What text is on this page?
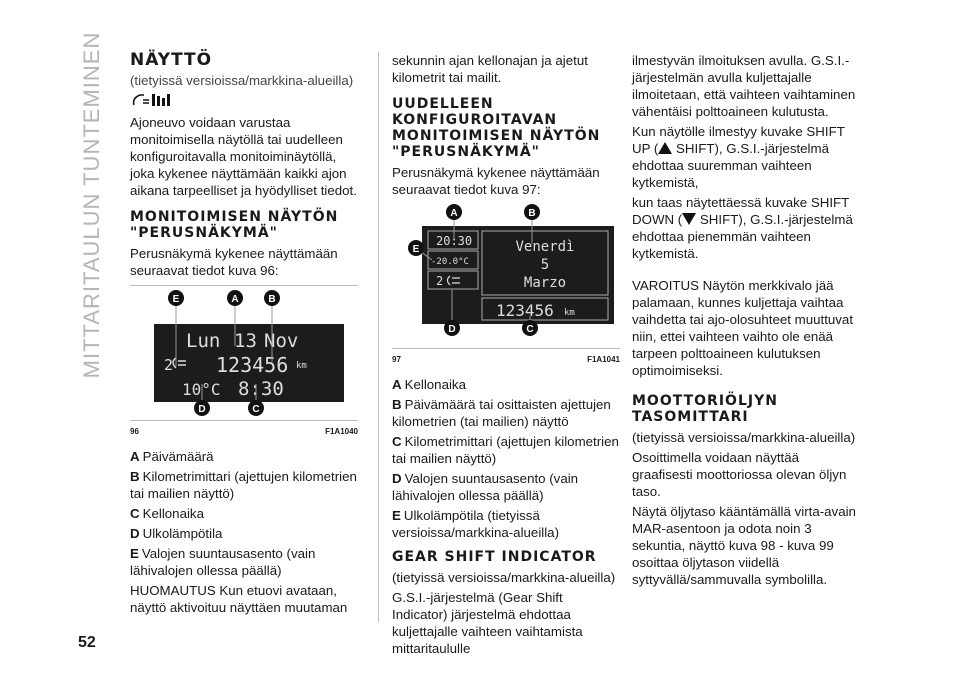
MITTARITAULUN TUNTEMINEN
52
NÄYTTÖ

(tietyissä versioissa/markkina-alueilla)

Ajoneuvo voidaan varustaa monitoimisella näytöllä tai uudelleen konfiguroitavalla monitoiminäytöllä, joka kykenee näyttämään kaikki ajon aikana tarpeelliset ja hyödylliset tiedot.

MONITOIMISEN NÄYTÖN "PERUSNÄKYMÄ"

Perusnäkymä kykenee näyttämään seuraavat tiedot kuva 96:

Lun 13 Nov
2 123456 km
10°C 8:30
E	A	B
D	C
96	F1A1040
A Päivämäärä
B Kilometrimittari (ajettujen kilometrien tai mailien näyttö)
C Kellonaika
D Ulkolämpötila
E Valojen suuntausasento (vain lähivalojen ollessa päällä)

HUOMAUTUS Kun etuovi avataan, näyttö aktivoituu näyttäen muutaman

sekunnin ajan kellonajan ja ajetut kilometrit tai mailit.

UUDELLEEN KONFIGUROITAVAN MONITOIMISEN NÄYTÖN "PERUSNÄKYMÄ"

Perusnäkymä kykenee näyttämään seuraavat tiedot kuva 97:

20:30
-20.0°C
2
Venerdì
5
Marzo
123456 km
A	B
E
D	C
97	F1A1041
A Kellonaika
B Päivämäärä tai osittaisten ajettujen kilometrien (tai mailien) näyttö
C Kilometrimittari (ajettujen kilometrien tai mailien näyttö)
D Valojen suuntausasento (vain lähivalojen ollessa päällä)
E Ulkolämpötila (tietyissä versioissa/markkina-alueilla)
GEAR SHIFT INDICATOR

(tietyissä versioissa/markkina-alueilla)

G.S.I.-järjestelmä (Gear Shift Indicator) järjestelmä ehdottaa kuljettajalle vaihteen vaihtamista mittaritaululle

ilmestyvän ilmoituksen avulla. G.S.I.-järjestelmän avulla kuljettajalle ilmoitetaan, että vaihteen vaihtaminen vähentäisi polttoaineen kulutusta.

Kun näytölle ilmestyy kuvake SHIFT UP ( SHIFT), G.S.I.-järjestelmä ehdottaa suuremman vaihteen kytkemistä,

kun taas näytettäessä kuvake SHIFT DOWN ( SHIFT), G.S.I.-järjestelmä ehdottaa pienemmän vaihteen kytkemistä.

VAROITUS Näytön merkkivalo jää palamaan, kunnes kuljettaja vaihtaa vaihdetta tai ajo-olosuhteet muuttuvat niin, ettei vaihteen vaihto ole enää tarpeen polttoaineen kulutuksen optimoimiseksi.

MOOTTORIÖLJYN TASOMITTARI

(tietyissä versioissa/markkina-alueilla)

Osoittimella voidaan näyttää graafisesti moottoriossa olevan öljyn taso.

Näytä öljytaso kääntämällä virta-avain MAR-asentoon ja odota noin 3 sekuntia, näyttö kuva 98 - kuva 99 osoittaa öljytason viidellä syttyvällä/sammuvalla symbolilla.
